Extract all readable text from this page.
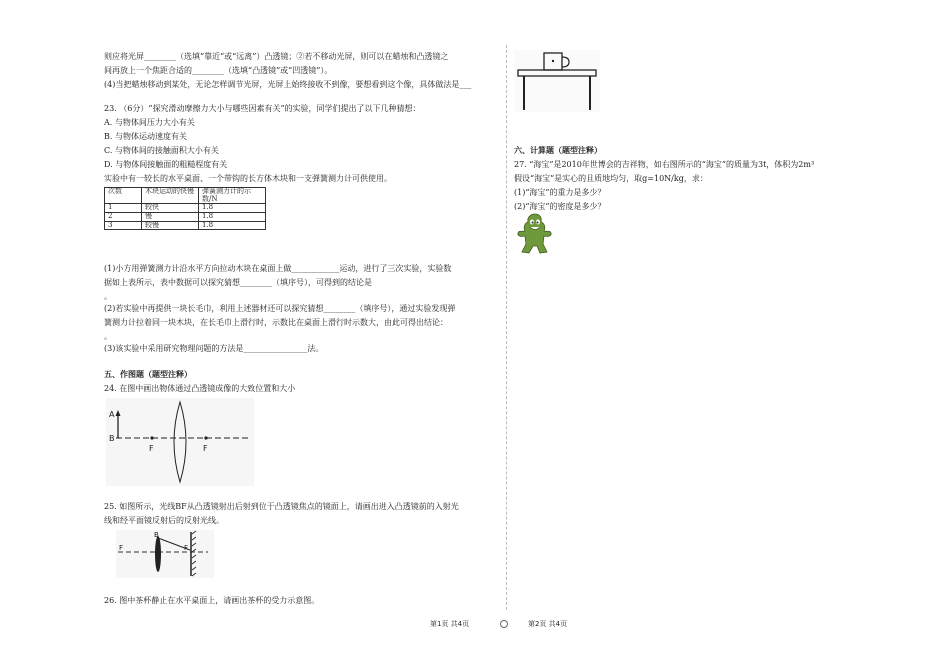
则应将光屏________（选填“靠近”或“远离”）凸透镜；②若不移动光屏，则可以在蜡烛和凸透镜之
间再放上一个焦距合适的________（选填“凸透镜”或“凹透镜”）。
(4)当把蜡烛移动到某处，无论怎样调节光屏，光屏上始终接收不到像，要想看到这个像，具体做法是___
23. （6分）“探究滑动摩擦力大小与哪些因素有关”的实验，同学们提出了以下几种猜想：
A. 与物体间压力大小有关
B. 与物体运动速度有关
C. 与物体间的接触面积大小有关
D. 与物体间接触面的粗糙程度有关
实验中有一较长的水平桌面、一个带钩的长方体木块和一支弹簧测力计可供使用。
次数	木块运动的快慢	弹簧测力计的示数/N
1	较快	1.8
2	慢	1.8
3	较慢	1.8
(1)小方用弹簧测力计沿水平方向拉动木块在桌面上做____________运动，进行了三次实验，实验数
据如上表所示，表中数据可以探究猜想________（填序号），可得到的结论是
。
(2)若实验中再提供一块长毛巾，利用上述器材还可以探究猜想________（填序号），通过实验发现弹
簧测力计拉着同一块木块，在长毛巾上滑行时，示数比在桌面上滑行时示数大，由此可得出结论：
。
(3)该实验中采用研究物理问题的方法是________________法。
五、作图题（题型注释）
24. 在图中画出物体通过凸透镜成像的大致位置和大小
A
B
F	F
25. 如图所示，光线BF从凸透镜射出后射到位于凸透镜焦点的镜面上，请画出进入凸透镜前的入射光
线和经平面镜反射后的反射光线。
F
B
F
26. 图中茶杯静止在水平桌面上，请画出茶杯的受力示意图。
六、计算题（题型注释）
27. “海宝”是2010年世博会的吉祥物，如右图所示的“海宝”的质量为3t，体积为2m³
假设“海宝”是实心的且质地均匀，取g=10N/kg，求：
(1)“海宝”的重力是多少？
(2)“海宝”的密度是多少？
第1页 共4页	第2页 共4页
